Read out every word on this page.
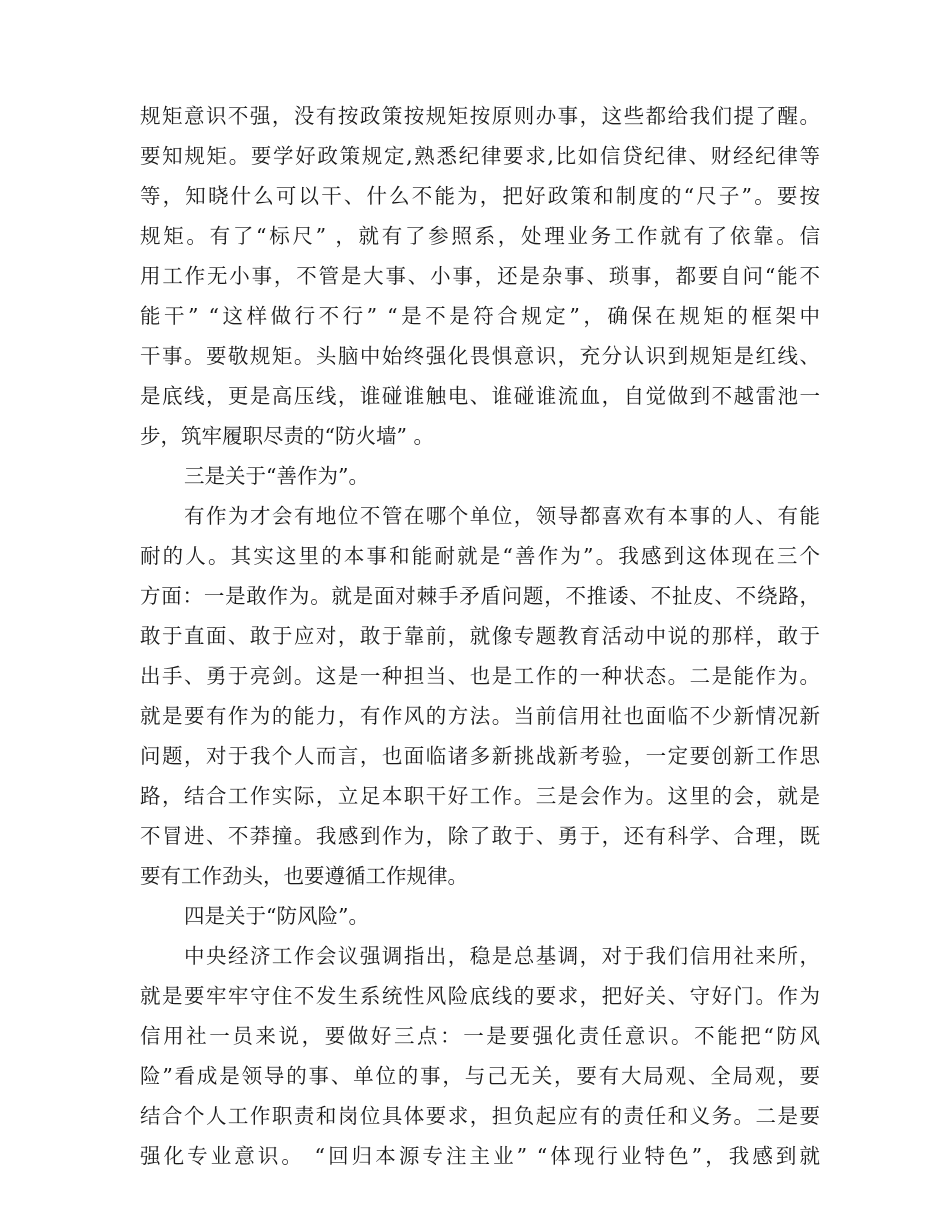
规矩意识不强，没有按政策按规矩按原则办事，这些都给我们提了醒。
要知规矩。要学好政策规定,熟悉纪律要求,比如信贷纪律、财经纪律等
等，知晓什么可以干、什么不能为，把好政策和制度的“尺子”。要按
规矩。有了“标尺” ，就有了参照系，处理业务工作就有了依靠。信
用工作无小事，不管是大事、小事，还是杂事、琐事，都要自问“能不
能干” “这样做行不行” “是不是符合规定”，确保在规矩的框架中
干事。要敬规矩。头脑中始终强化畏惧意识，充分认识到规矩是红线、
是底线，更是高压线，谁碰谁触电、谁碰谁流血，自觉做到不越雷池一
步，筑牢履职尽责的“防火墙” 。
三是关于“善作为”。
有作为才会有地位不管在哪个单位，领导都喜欢有本事的人、有能
耐的人。其实这里的本事和能耐就是“善作为”。我感到这体现在三个
方面：一是敢作为。就是面对棘手矛盾问题，不推诿、不扯皮、不绕路，
敢于直面、敢于应对，敢于靠前，就像专题教育活动中说的那样，敢于
出手、勇于亮剑。这是一种担当、也是工作的一种状态。二是能作为。
就是要有作为的能力，有作风的方法。当前信用社也面临不少新情况新
问题，对于我个人而言，也面临诸多新挑战新考验，一定要创新工作思
路，结合工作实际，立足本职干好工作。三是会作为。这里的会，就是
不冒进、不莽撞。我感到作为，除了敢于、勇于，还有科学、合理，既
要有工作劲头，也要遵循工作规律。
四是关于“防风险”。
中央经济工作会议强调指出，稳是总基调，对于我们信用社来所，
就是要牢牢守住不发生系统性风险底线的要求，把好关、守好门。作为
信用社一员来说，要做好三点：一是要强化责任意识。不能把“防风
险”看成是领导的事、单位的事，与己无关，要有大局观、全局观，要
结合个人工作职责和岗位具体要求，担负起应有的责任和义务。二是要
强化专业意识。 “回归本源专注主业” “体现行业特色”，我感到就
